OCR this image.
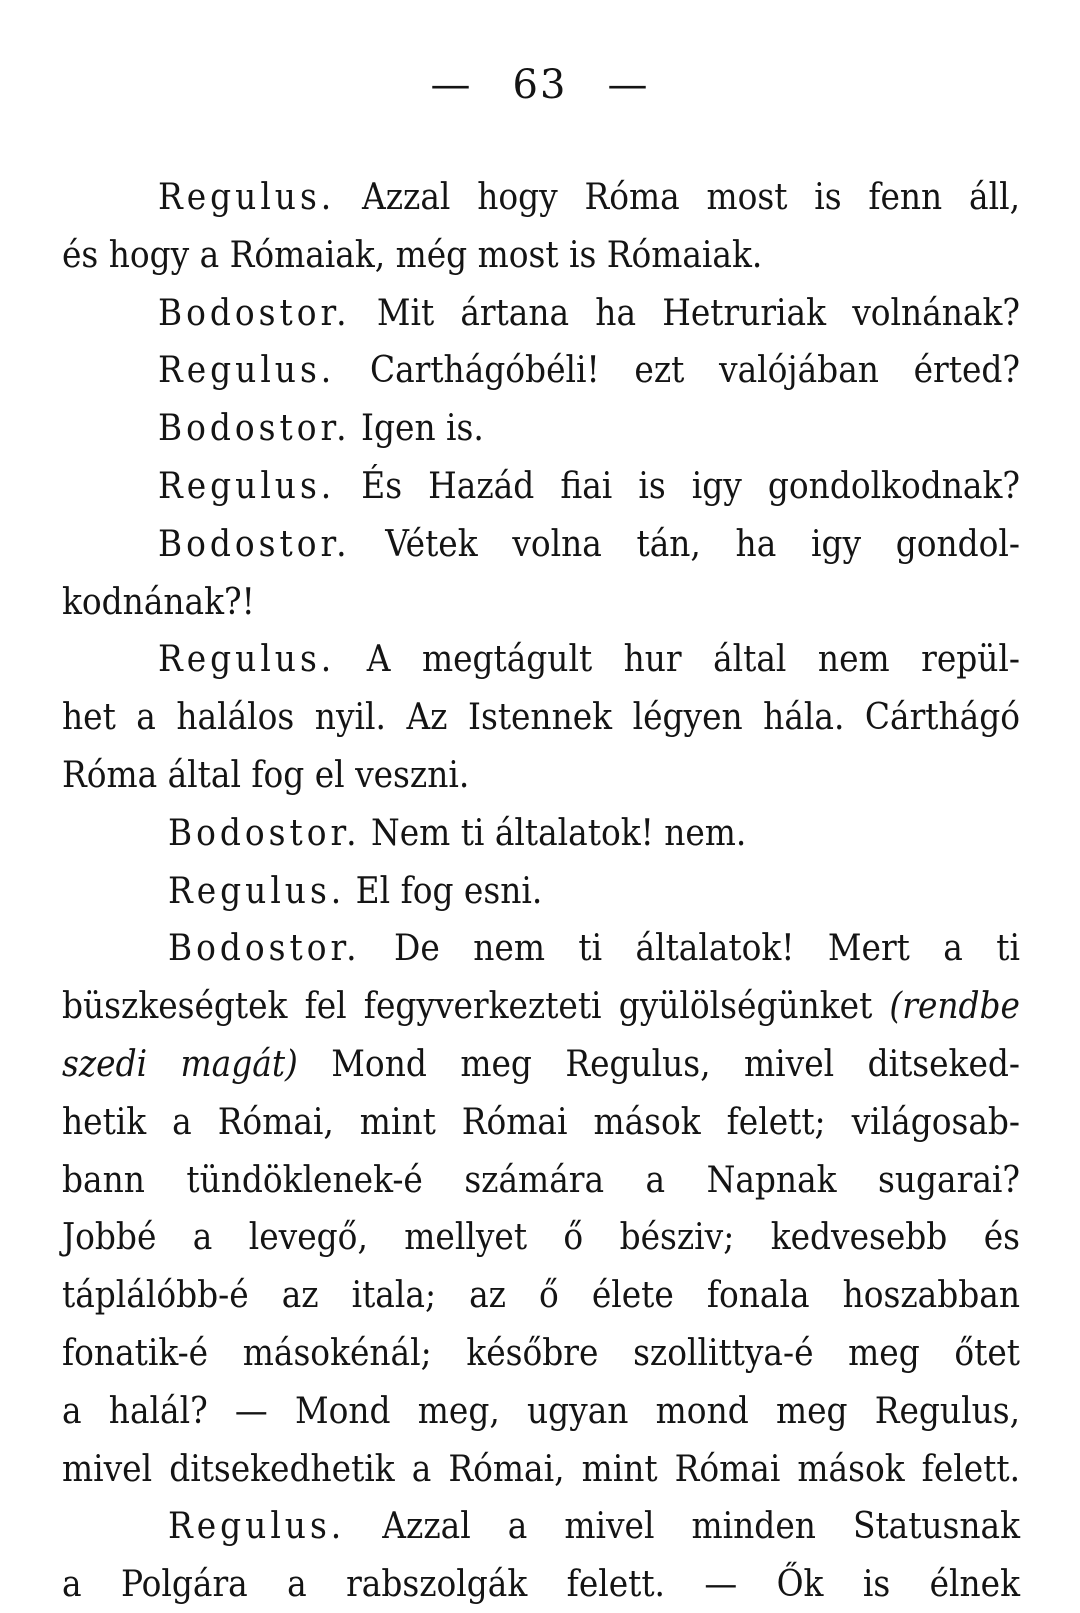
— 63 —
Regulus. Azzal hogy Róma most is fenn áll,
és hogy a Rómaiak, még most is Rómaiak.
Bodostor. Mit ártana ha Hetruriak volnának?
Regulus. Carthágóbéli! ezt valójában érted?
Bodostor. Igen is.
Regulus. És Hazád fiai is igy gondolkodnak?
Bodostor. Vétek volna tán, ha igy gondol-
kodnának?!
Regulus. A megtágult hur által nem repül-
het a halálos nyil. Az Istennek légyen hála. Cárthágó
Róma által fog el veszni.
Bodostor. Nem ti általatok! nem.
Regulus. El fog esni.
Bodostor. De nem ti általatok! Mert a ti
büszkeségtek fel fegyverkezteti gyülölségünket (rendbe
szedi magát) Mond meg Regulus, mivel ditseked-
hetik a Római, mint Római mások felett; világosab-
bann tündöklenek-é számára a Napnak sugarai?
Jobbé a levegő, mellyet ő bésziv; kedvesebb és
táplálóbb-é az itala; az ő élete fonala hoszabban
fonatik-é másokénál; későbre szollittya-é meg őtet
a halál? — Mond meg, ugyan mond meg Regulus,
mivel ditsekedhetik a Római, mint Római mások felett.
Regulus. Azzal a mivel minden Statusnak
a Polgára a rabszolgák felett. — Ők is élnek
